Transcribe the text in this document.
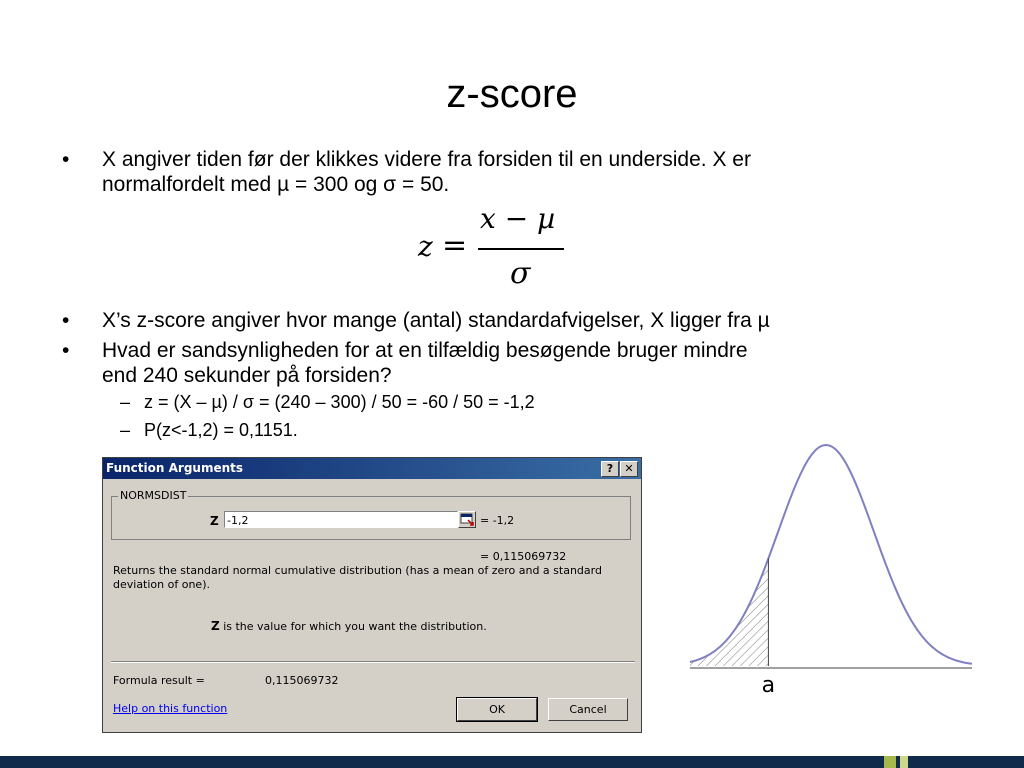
z-score
• X angiver tiden før der klikkes videre fra forsiden til en underside. X er
normalfordelt med µ = 300 og σ = 50.
z =
x − µ
σ
• X’s z-score angiver hvor mange (antal) standardafvigelser, X ligger fra µ
• Hvad er sandsynligheden for at en tilfældig besøgende bruger mindre
end 240 sekunder på forsiden?
– z = (X – µ) / σ = (240 – 300) / 50 = -60 / 50 = -1,2
– P(z<-1,2) = 0,1151.
Function Arguments	?	✕
NORMSDIST
Z -1,2	= -1,2
= 0,115069732
Returns the standard normal cumulative distribution (has a mean of zero and a standard deviation of one).
Z is the value for which you want the distribution.
Formula result =	0,115069732
Help on this function	OK	Cancel
a
